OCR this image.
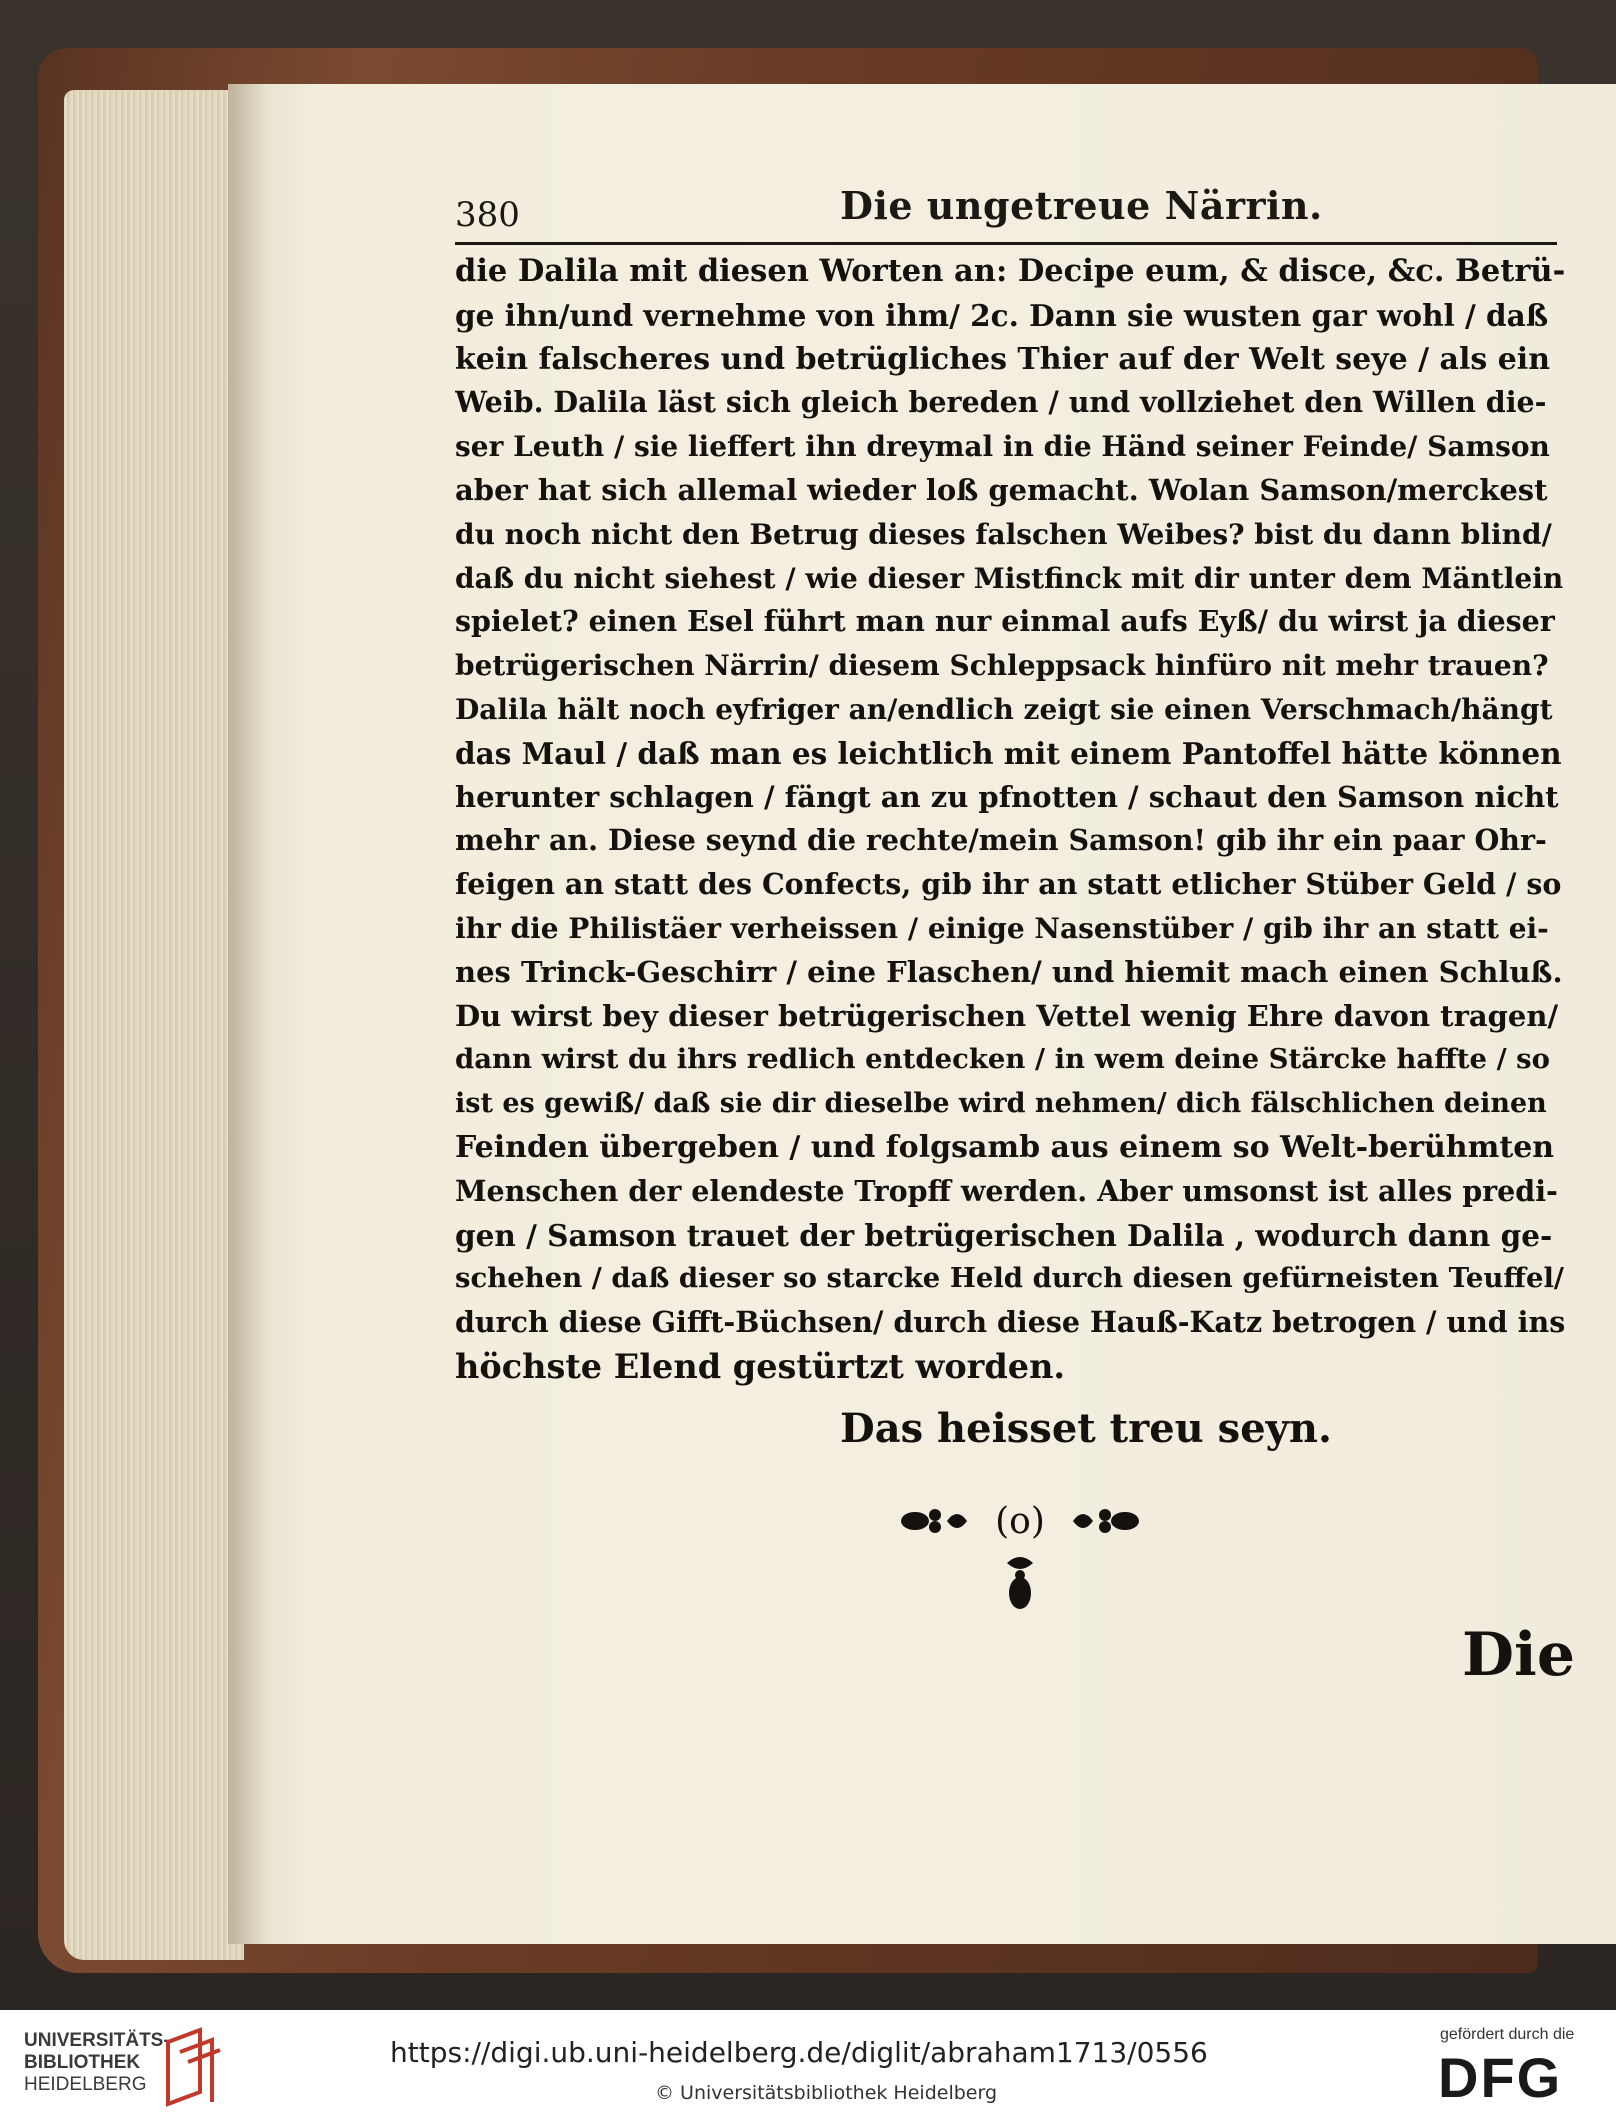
380	Die ungetreue Närrin.
die Dalila mit diesen Worten an: Decipe eum, & disce, &c. Betrü-
ge ihn/und vernehme von ihm/ 2c. Dann sie wusten gar wohl / daß
kein falscheres und betrügliches Thier auf der Welt seye / als ein
Weib. Dalila läst sich gleich bereden / und vollziehet den Willen die-
ser Leuth / sie lieffert ihn dreymal in die Händ seiner Feinde/ Samson
aber hat sich allemal wieder loß gemacht. Wolan Samson/merckest
du noch nicht den Betrug dieses falschen Weibes? bist du dann blind/
daß du nicht siehest / wie dieser Mistfinck mit dir unter dem Mäntlein
spielet? einen Esel führt man nur einmal aufs Eyß/ du wirst ja dieser
betrügerischen Närrin/ diesem Schleppsack hinfüro nit mehr trauen?
Dalila hält noch eyfriger an/endlich zeigt sie einen Verschmach/hängt
das Maul / daß man es leichtlich mit einem Pantoffel hätte können
herunter schlagen / fängt an zu pfnotten / schaut den Samson nicht
mehr an. Diese seynd die rechte/mein Samson! gib ihr ein paar Ohr-
feigen an statt des Confects, gib ihr an statt etlicher Stüber Geld / so
ihr die Philistäer verheissen / einige Nasenstüber / gib ihr an statt ei-
nes Trinck-Geschirr / eine Flaschen/ und hiemit mach einen Schluß.
Du wirst bey dieser betrügerischen Vettel wenig Ehre davon tragen/
dann wirst du ihrs redlich entdecken / in wem deine Stärcke haffte / so
ist es gewiß/ daß sie dir dieselbe wird nehmen/ dich fälschlichen deinen
Feinden übergeben / und folgsamb aus einem so Welt-berühmten
Menschen der elendeste Tropff werden. Aber umsonst ist alles predi-
gen / Samson trauet der betrügerischen Dalila , wodurch dann ge-
schehen / daß dieser so starcke Held durch diesen gefürneisten Teuffel/
durch diese Gifft-Büchsen/ durch diese Hauß-Katz betrogen / und ins
höchste Elend gestürtzt worden.
Das heisset treu seyn.
(o)
Die
UNIVERSITÄTS-
BIBLIOTHEK
HEIDELBERG
https://digi.ub.uni-heidelberg.de/diglit/abraham1713/0556
© Universitätsbibliothek Heidelberg
gefördert durch die
DFG
